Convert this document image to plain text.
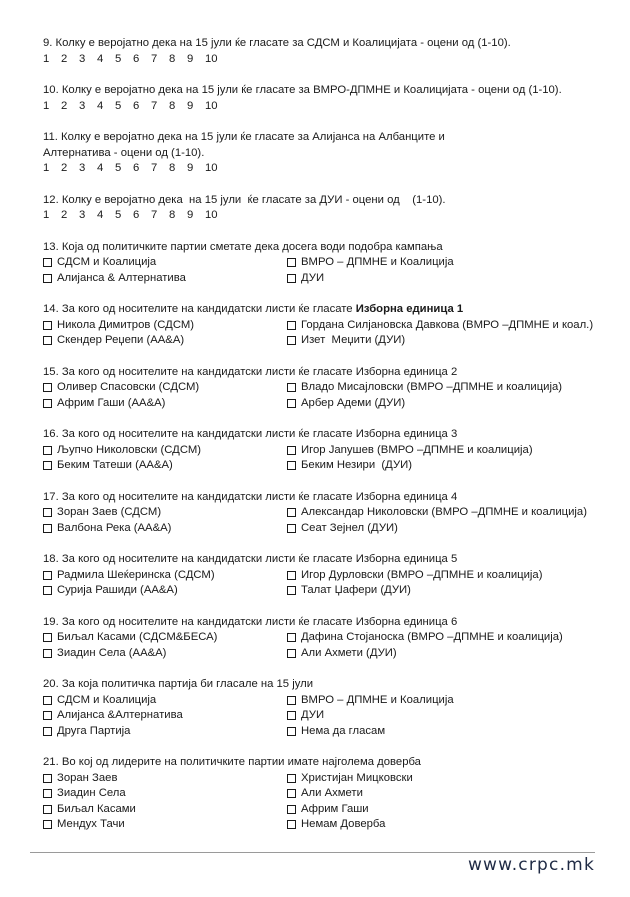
9. Колку е веројатно дека на 15 јули ќе гласате за СДСМ и Коалицијата - оцени од (1-10).
1	2	3	4	5	6	7	8	9	10
10. Колку е веројатно дека на 15 јули ќе гласате за ВМРО-ДПМНЕ и Коалицијата - оцени од (1-10).
1	2	3	4	5	6	7	8	9	10
11. Колку е веројатно дека на 15 јули ќе гласате за Алијанса на Албанците и Алтернатива - оцени од (1-10).
1	2	3	4	5	6	7	8	9	10
12. Колку е веројатно дека  на 15 јули  ќе гласате за ДУИ - оцени од    (1-10).
1	2	3	4	5	6	7	8	9	10
13. Која од политичките партии сметате дека досега води подобра кампања
СДСМ и Коалиција	ВМРО – ДПМНЕ и Коалиција
Алијанса & Алтернатива	ДУИ
14. За кого од носителите на кандидатски листи ќе гласате Изборна единица 1
Никола Димитров (СДСМ)	Гордана Силјановска Давкова (ВМРО –ДПМНЕ и коал.)
Скендер Реџепи (АА&А)	Изет  Меџити (ДУИ)
15. За кого од носителите на кандидатски листи ќе гласате Изборна единица 2
Оливер Спасовски (СДСМ)	Владо Мисајловски (ВМРО –ДПМНЕ и коалиција)
Африм Гаши (АА&А)	Арбер Адеми (ДУИ)
16. За кого од носителите на кандидатски листи ќе гласате Изборна единица 3
Љупчо Николовски (СДСМ)	Игор Janушев (ВМРО –ДПМНЕ и коалиција)
Беким Татеши (АА&А)	Беким Незири  (ДУИ)
17. За кого од носителите на кандидатски листи ќе гласате Изборна единица 4
Зоран Заев (СДСМ)	Александар Николовски (ВМРО –ДПМНЕ и коалиција)
Валбона Река (АА&А)	Сеат Зејнел (ДУИ)
18. За кого од носителите на кандидатски листи ќе гласате Изборна единица 5
Радмила Шеќеринска (СДСМ)	Игор Дурловски (ВМРО –ДПМНЕ и коалиција)
Сурија Рашиди (АА&А)	Талат Џафери (ДУИ)
19. За кого од носителите на кандидатски листи ќе гласате Изборна единица 6
Биљал Касами (СДСМ&БЕСА)	Дафина Стојаноска (ВМРО –ДПМНЕ и коалиција)
Зиадин Села (АА&А)	Али Ахмети (ДУИ)
20. За која политичка партија би гласале на 15 јули
СДСМ и Коалиција	ВМРО – ДПМНЕ и Коалиција
Алијанса &Алтернатива	ДУИ
Друга Партија	Нема да гласам
21. Во кој од лидерите на политичките партии имате најголема доверба
Зоран Заев	Христијан Мицковски
Зиадин Села	Али Ахмети
Биљал Касами	Африм Гаши
Мендух Тачи	Немам Доверба
www.crpc.mk
